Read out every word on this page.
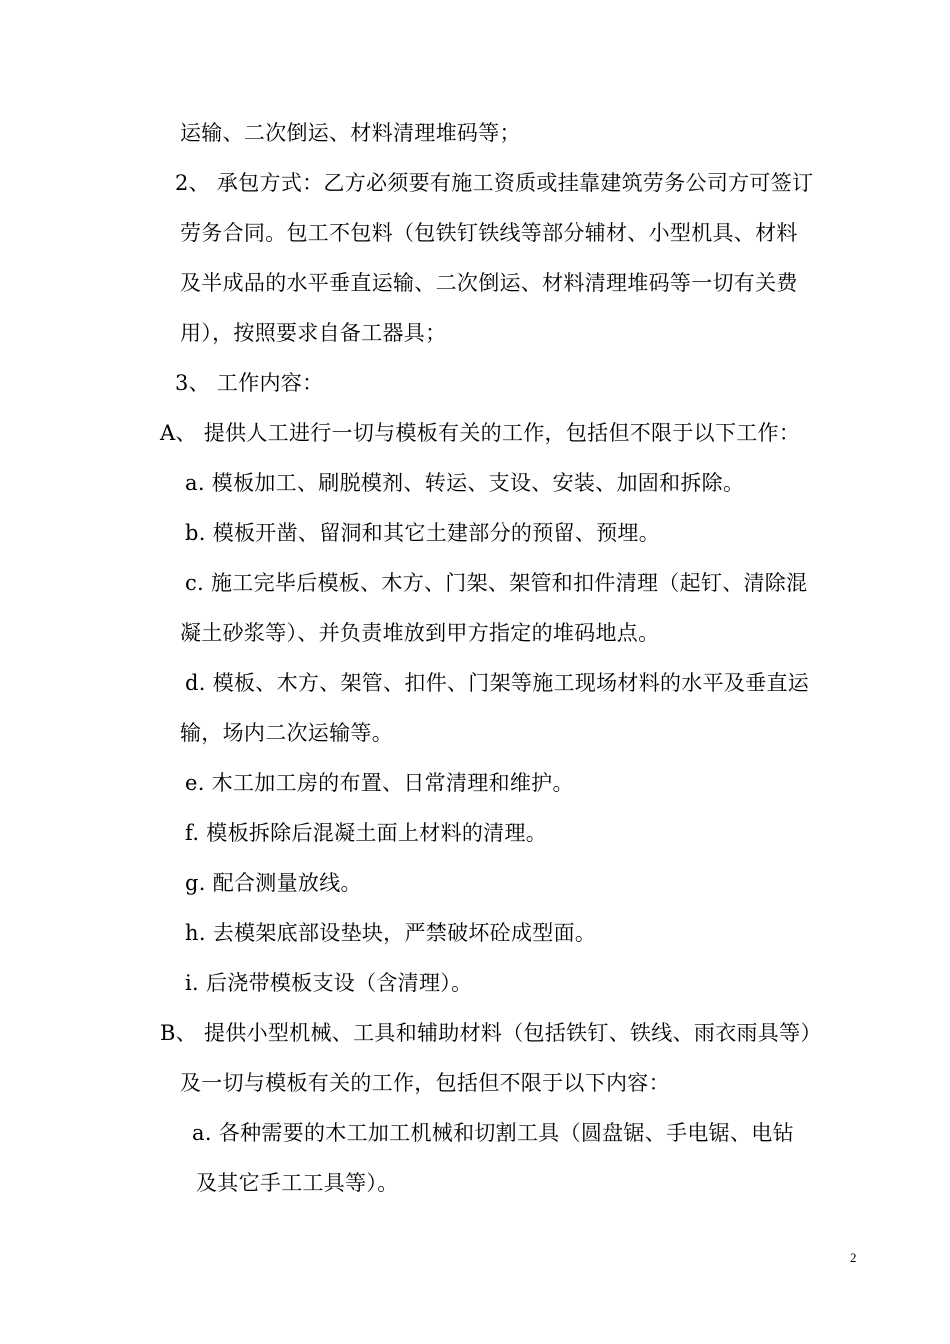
运输、二次倒运、材料清理堆码等；
2、 承包方式：乙方必须要有施工资质或挂靠建筑劳务公司方可签订
劳务合同。包工不包料（包铁钉铁线等部分辅材、小型机具、材料
及半成品的水平垂直运输、二次倒运、材料清理堆码等一切有关费
用），按照要求自备工器具；
3、 工作内容：
A、 提供人工进行一切与模板有关的工作，包括但不限于以下工作：
a. 模板加工、刷脱模剂、转运、支设、安装、加固和拆除。
b. 模板开凿、留洞和其它土建部分的预留、预埋。
c. 施工完毕后模板、木方、门架、架管和扣件清理（起钉、清除混
凝土砂浆等）、并负责堆放到甲方指定的堆码地点。
d. 模板、木方、架管、扣件、门架等施工现场材料的水平及垂直运
输，场内二次运输等。
e. 木工加工房的布置、日常清理和维护。
f. 模板拆除后混凝土面上材料的清理。
g. 配合测量放线。
h. 去模架底部设垫块，严禁破坏砼成型面。
i. 后浇带模板支设（含清理）。
B、 提供小型机械、工具和辅助材料（包括铁钉、铁线、雨衣雨具等）
及一切与模板有关的工作，包括但不限于以下内容：
a. 各种需要的木工加工机械和切割工具（圆盘锯、手电锯、电钻
及其它手工工具等）。
2
